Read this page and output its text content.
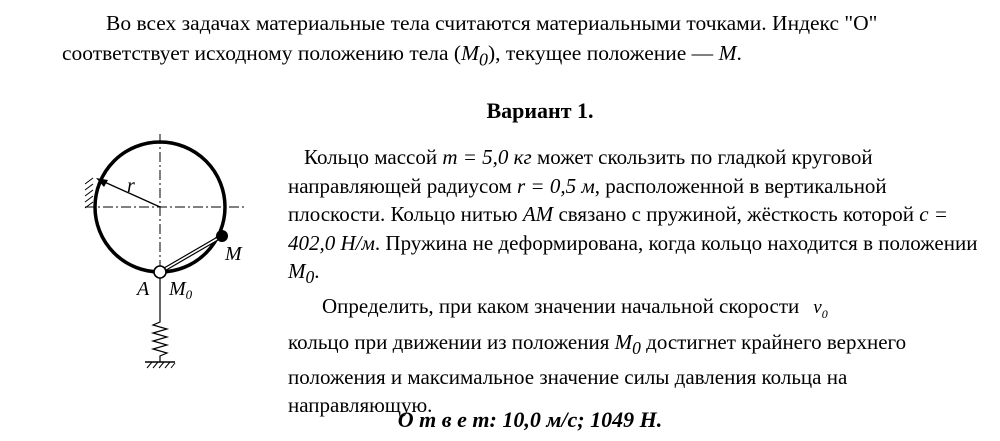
Во всех задачах материальные тела считаются материальными точками. Индекс "О" соответствует исходному положению тела $(M_0)$, текущее положение — M.

Вариант 1.
r
M
A $M_0$

Кольцо массой m = 5,0 кг может скользить по гладкой круговой направляющей радиусом r = 0,5 м, расположенной в вертикальной плоскости. Кольцо нитью AM связано с пружиной, жёсткость которой c = 402,0 Н/м. Пружина не деформирована, когда кольцо находится в положении $M_0$.

Определить, при каком значении начальной скорости $v_0$
кольцо при движении из положения $M_0$ достигнет крайнего верхнего положения и максимальное значение силы давления кольца на направляющую.

О т в е т: 10,0 м/с; 1049 Н.
